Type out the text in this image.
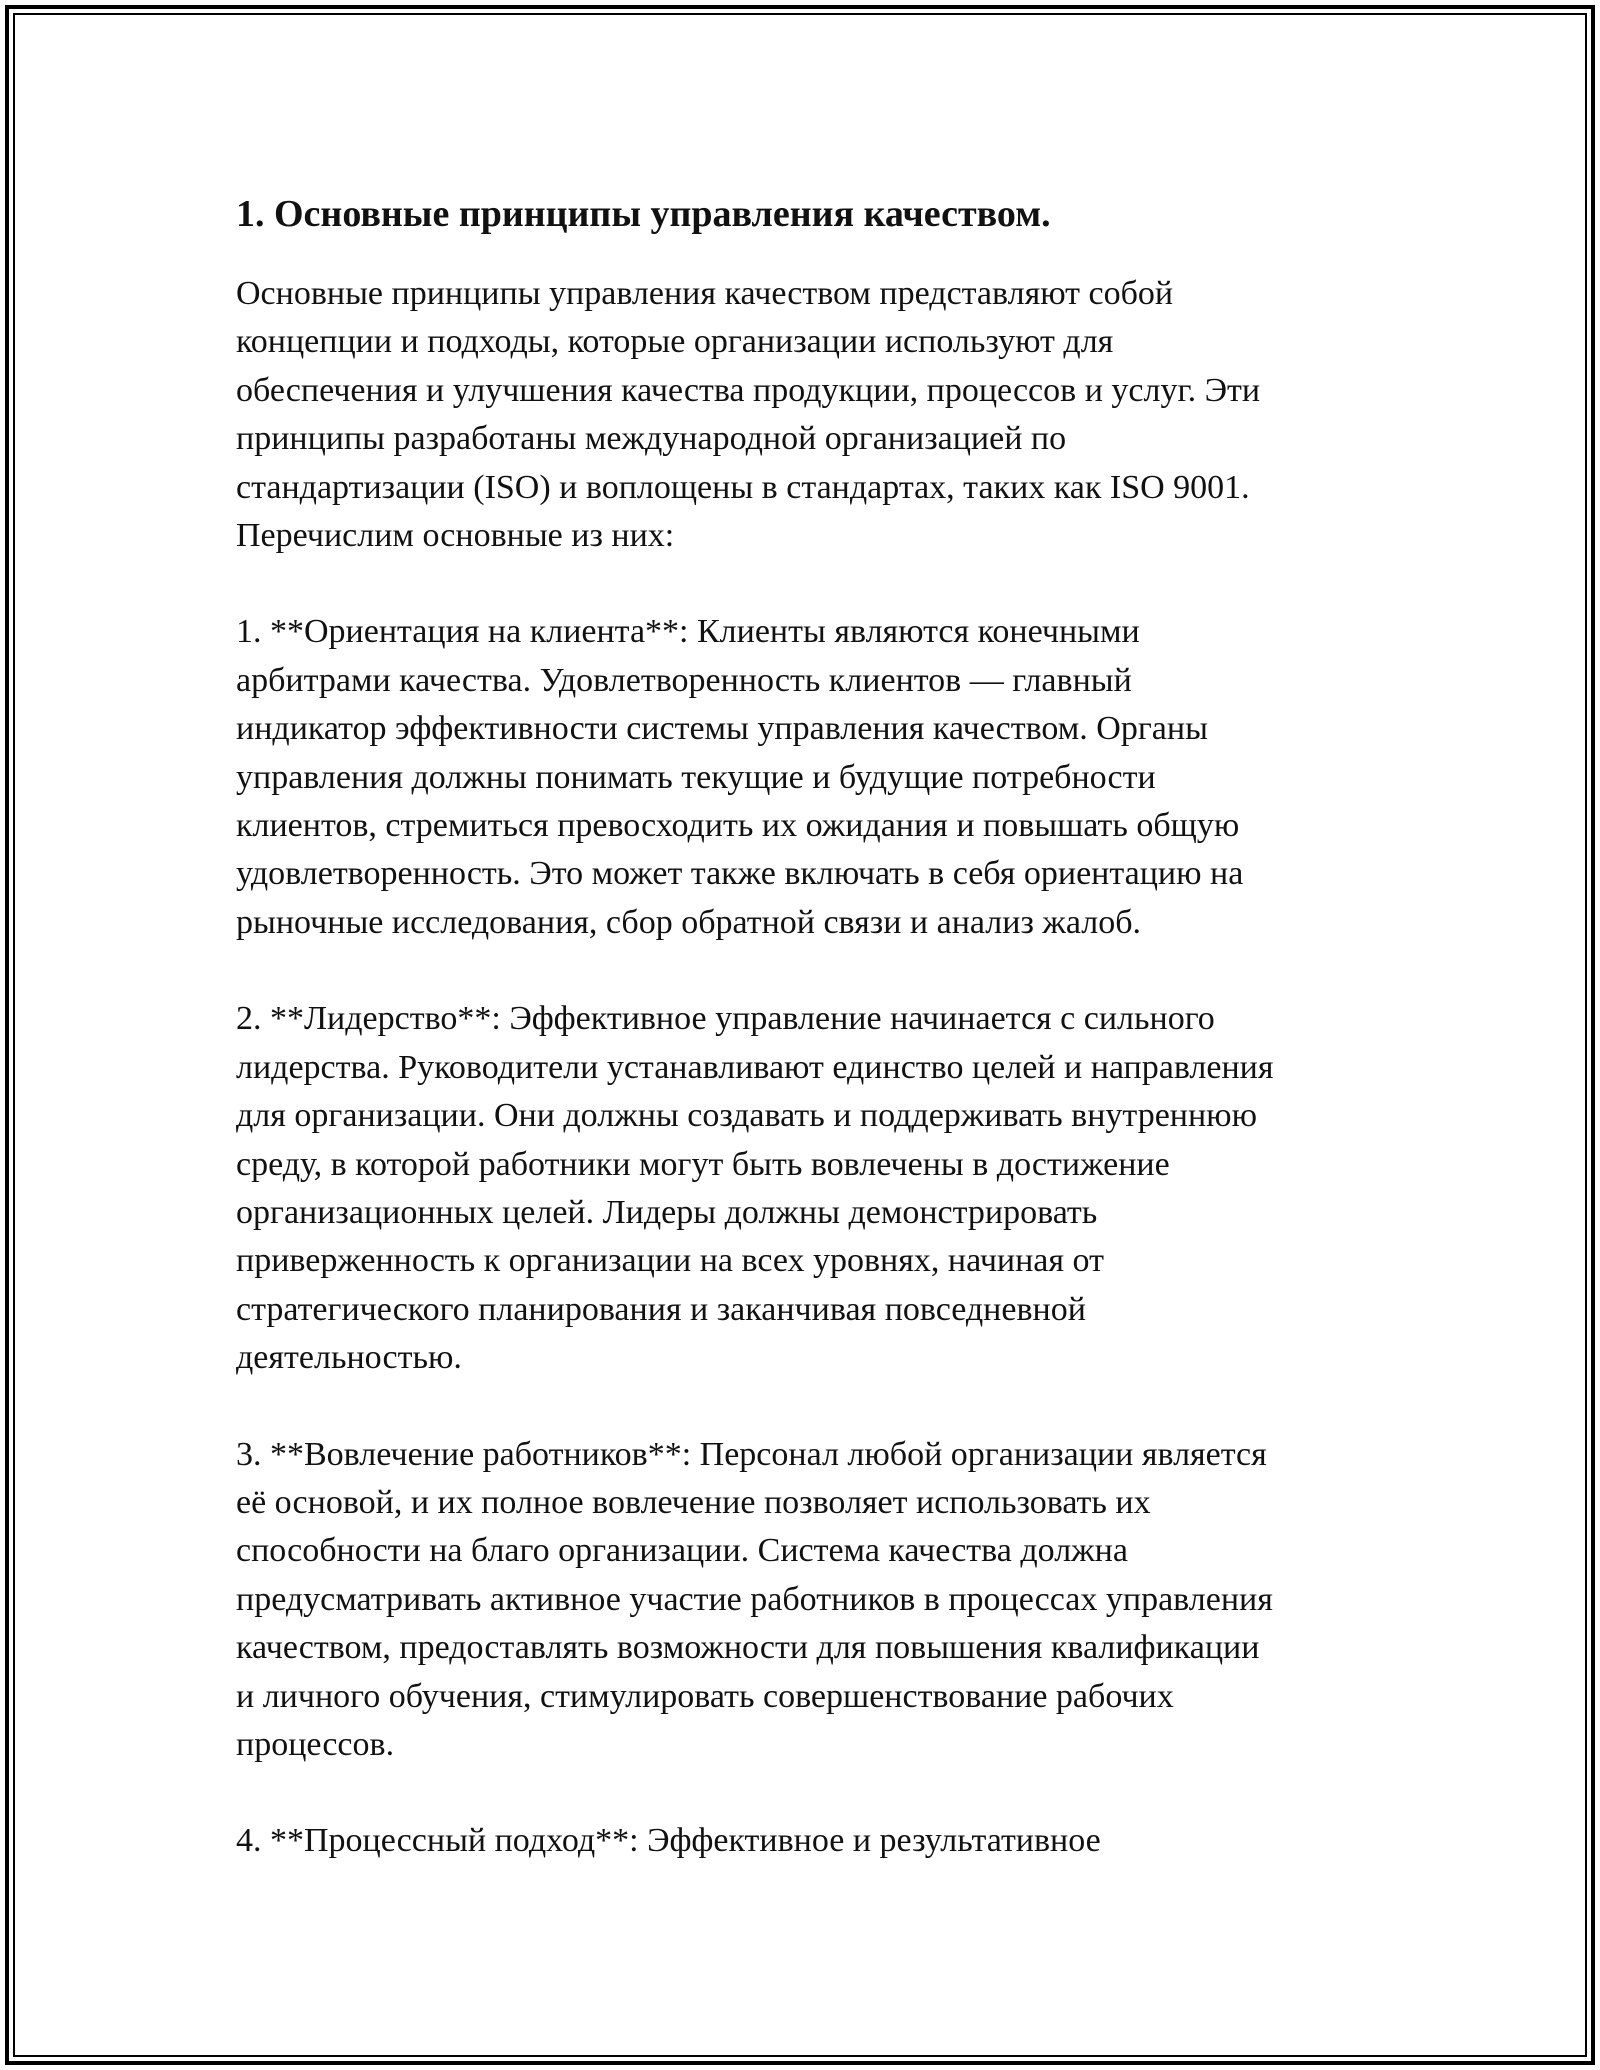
1. Основные принципы управления качеством.

Основные принципы управления качеством представляют собой
концепции и подходы, которые организации используют для
обеспечения и улучшения качества продукции, процессов и услуг. Эти
принципы разработаны международной организацией по
стандартизации (ISO) и воплощены в стандартах, таких как ISO 9001.
Перечислим основные из них:

1. **Ориентация на клиента**: Клиенты являются конечными
арбитрами качества. Удовлетворенность клиентов — главный
индикатор эффективности системы управления качеством. Органы
управления должны понимать текущие и будущие потребности
клиентов, стремиться превосходить их ожидания и повышать общую
удовлетворенность. Это может также включать в себя ориентацию на
рыночные исследования, сбор обратной связи и анализ жалоб.

2. **Лидерство**: Эффективное управление начинается с сильного
лидерства. Руководители устанавливают единство целей и направления
для организации. Они должны создавать и поддерживать внутреннюю
среду, в которой работники могут быть вовлечены в достижение
организационных целей. Лидеры должны демонстрировать
приверженность к организации на всех уровнях, начиная от
стратегического планирования и заканчивая повседневной
деятельностью.

3. **Вовлечение работников**: Персонал любой организации является
её основой, и их полное вовлечение позволяет использовать их
способности на благо организации. Система качества должна
предусматривать активное участие работников в процессах управления
качеством, предоставлять возможности для повышения квалификации
и личного обучения, стимулировать совершенствование рабочих
процессов.

4. **Процессный подход**: Эффективное и результативное
